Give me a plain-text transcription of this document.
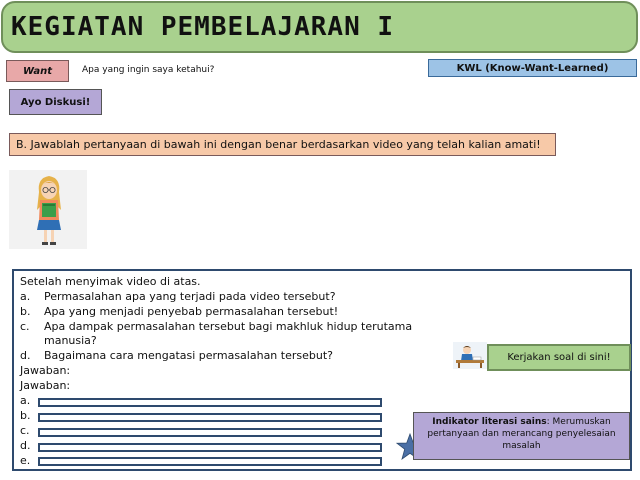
KEGIATAN PEMBELAJARAN I
Want	Apa yang ingin saya ketahui?	KWL (Know-Want-Learned)
Ayo Diskusi!
B. Jawablah pertanyaan di bawah ini dengan benar berdasarkan video yang telah kalian amati!
Setelah menyimak video di atas.
a. Permasalahan apa yang terjadi pada video tersebut?
b. Apa yang menjadi penyebab permasalahan tersebut!
c. Apa dampak permasalahan tersebut bagi makhluk hidup terutama
manusia?
d. Bagaimana cara mengatasi permasalahan tersebut?
Jawaban:
Jawaban:
a.
b.
c.
d.
e.
Kerjakan soal di sini!
Indikator literasi sains: Merumuskan pertanyaan dan merancang penyelesaian masalah
